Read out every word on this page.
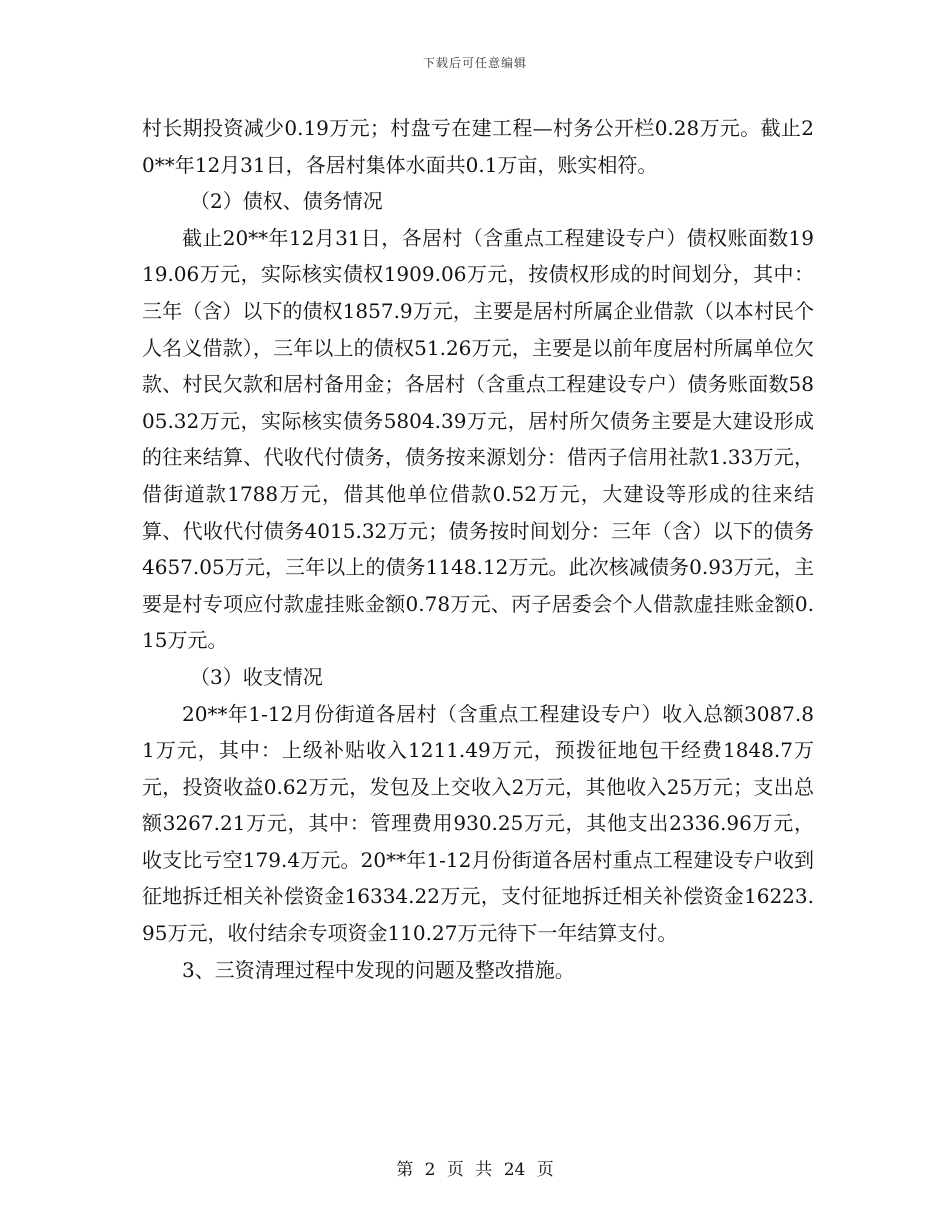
下载后可任意编辑

村长期投资减少0.19万元；村盘亏在建工程—村务公开栏0.28万元。截止20**年12月31日，各居村集体水面共0.1万亩，账实相符。

（2）债权、债务情况

截止20**年12月31日，各居村（含重点工程建设专户）债权账面数1919.06万元，实际核实债权1909.06万元，按债权形成的时间划分，其中：三年（含）以下的债权1857.9万元，主要是居村所属企业借款（以本村民个人名义借款），三年以上的债权51.26万元，主要是以前年度居村所属单位欠款、村民欠款和居村备用金；各居村（含重点工程建设专户）债务账面数5805.32万元，实际核实债务5804.39万元，居村所欠债务主要是大建设形成的往来结算、代收代付债务，债务按来源划分：借丙子信用社款1.33万元，借街道款1788万元，借其他单位借款0.52万元，大建设等形成的往来结算、代收代付债务4015.32万元；债务按时间划分：三年（含）以下的债务4657.05万元，三年以上的债务1148.12万元。此次核减债务0.93万元，主要是村专项应付款虚挂账金额0.78万元、丙子居委会个人借款虚挂账金额0.15万元。

（3）收支情况

20**年1-12月份街道各居村（含重点工程建设专户）收入总额3087.81万元，其中：上级补贴收入1211.49万元，预拨征地包干经费1848.7万元，投资收益0.62万元，发包及上交收入2万元，其他收入25万元；支出总额3267.21万元，其中：管理费用930.25万元，其他支出2336.96万元，收支比亏空179.4万元。20**年1-12月份街道各居村重点工程建设专户收到征地拆迁相关补偿资金16334.22万元，支付征地拆迁相关补偿资金16223.95万元，收付结余专项资金110.27万元待下一年结算支付。

3、三资清理过程中发现的问题及整改措施。

第 2 页 共 24 页
